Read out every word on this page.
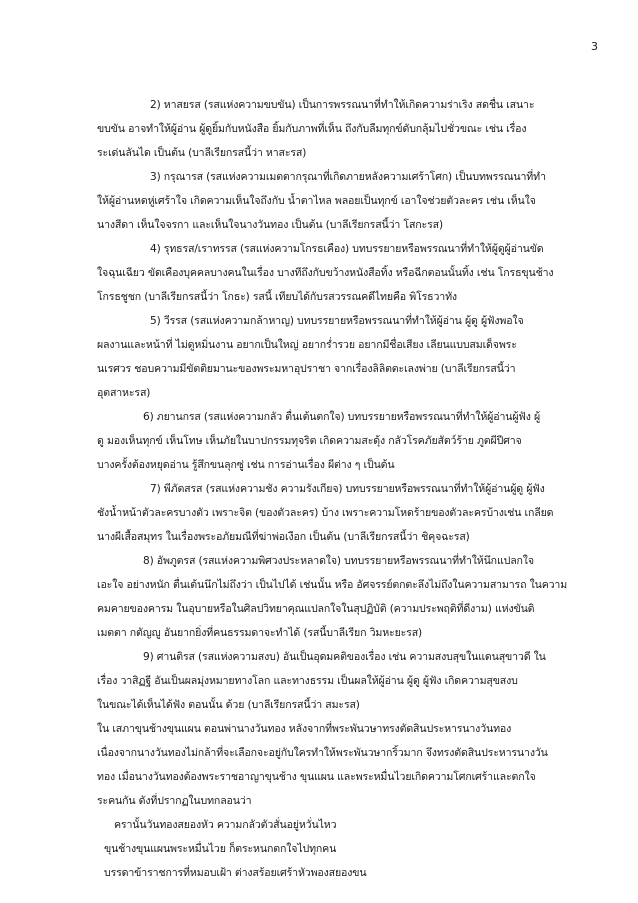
3
2) หาสยรส (รสแห่งความขบขัน) เป็นการพรรณนาที่ทำให้เกิดความร่าเริง สดชื่น เสนาะ
ขบขัน อาจทำให้ผู้อ่าน ผู้ดูยิ้มกับหนังสือ ยิ้มกับภาพที่เห็น ถึงกับลืมทุกข์ดับกลุ้มไปชั่วขณะ เช่น เรื่อง
ระเด่นลันได เป็นต้น (บาลีเรียกรสนี้ว่า หาสะรส)
3) กรุณารส (รสแห่งความเมตตากรุณาที่เกิดภายหลังความเศร้าโศก) เป็นบทพรรณนาที่ทำ
ให้ผู้อ่านหดหู่เศร้าใจ เกิดความเห็นใจถึงกับ น้ำตาไหล พลอยเป็นทุกข์ เอาใจช่วยตัวละคร เช่น เห็นใจ
นางสีดา เห็นใจจรกา และเห็นใจนางวันทอง เป็นต้น (บาลีเรียกรสนี้ว่า โสกะรส)
4) รุทธรส/เราทรรส (รสแห่งความโกรธเคือง) บทบรรยายหรือพรรณนาที่ทำให้ผู้ดูผู้อ่านขัด
ใจฉุนเฉียว ขัดเคืองบุคคลบางคนในเรื่อง บางทีถึงกับขว้างหนังสือทิ้ง หรือฉีกตอนนั้นทิ้ง เช่น โกรธขุนช้าง
โกรธชูชก (บาลีเรียกรสนี้ว่า โกธะ) รสนี้ เทียบได้กับรสวรรณคดีไทยคือ พิโรธวาทัง
5) วีรรส (รสแห่งความกล้าหาญ) บทบรรยายหรือพรรณนาที่ทำให้ผู้อ่าน ผู้ดู ผู้ฟังพอใจ
ผลงานและหน้าที่ ไม่ดูหมิ่นงาน อยากเป็นใหญ่ อยากร่ำรวย อยากมีชื่อเสียง เลียนแบบสมเด็จพระ
นเรศวร ชอบความมีขัตติยมานะของพระมหาอุปราชา จากเรื่องลิลิตตะเลงพ่าย (บาลีเรียกรสนี้ว่า
อุตสาหะรส)
6) ภยานกรส (รสแห่งความกลัว ตื่นเต้นตกใจ) บทบรรยายหรือพรรณนาที่ทำให้ผู้อ่านผู้ฟัง ผู้
ดู มองเห็นทุกข์ เห็นโทษ เห็นภัยในบาปกรรมทุจริต เกิดความสะดุ้ง กลัวโรคภัยสัตว์ร้าย ภูตผีปีศาจ
บางครั้งต้องหยุดอ่าน รู้สึกขนลุกซู่ เช่น การอ่านเรื่อง ผีต่าง ๆ เป็นต้น
7) พีภัตสรส (รสแห่งความชัง ความรังเกียจ) บทบรรยายหรือพรรณนาที่ทำให้ผู้อ่านผู้ดู ผู้ฟัง
ชังน้ำหน้าตัวละครบางตัว เพราะจิต (ของตัวละคร) บ้าง เพราะความโหดร้ายของตัวละครบ้างเช่น เกลียด
นางผีเสื้อสมุทร ในเรื่องพระอภัยมณีที่ฆ่าพ่อเงือก เป็นต้น (บาลีเรียกรสนี้ว่า ชิคุจฉะรส)
8) อัพภูตรส (รสแห่งความพิศวงประหลาดใจ) บทบรรยายหรือพรรณนาที่ทำให้นึกแปลกใจ
เอะใจ อย่างหนัก ตื่นเต้นนึกไม่ถึงว่า เป็นไปได้ เช่นนั้น หรือ อัศจรรย์ตกตะลึงไม่ถึงในความสามารถ ในความ
คมคายของคารม ในอุบายหรือในศิลปวิทยาคุณแปลกใจในสุปฏิบัติ (ความประพฤติที่ดีงาม) แห่งขันติ
เมตตา กตัญญู อันยากยิ่งที่คนธรรมดาจะทำได้ (รสนี้บาลีเรียก วิมหะยะรส)
9) ศานติรส (รสแห่งความสงบ) อันเป็นอุดมคติของเรื่อง เช่น ความสงบสุขในแดนสุขาวดี ใน
เรื่อง วาสิฏฐี อันเป็นผลมุ่งหมายทางโลก และทางธรรม เป็นผลให้ผู้อ่าน ผู้ดู ผู้ฟัง เกิดความสุขสงบ
ในขณะได้เห็นได้ฟัง ตอนนั้น ด้วย (บาลีเรียกรสนี้ว่า สมะรส)
ใน เสภาขุนช้างขุนแผน ตอนพ่านางวันทอง หลังจากที่พระพันวษาทรงตัดสินประหารนางวันทอง
เนื่องจากนางวันทองไม่กล้าที่จะเลือกจะอยู่กับใครทำให้พระพันวษากริ้วมาก จึงทรงตัดสินประหารนางวัน
ทอง เมื่อนางวันทองต้องพระราชอาญาขุนช้าง ขุนแผน และพระหมื่นไวยเกิดความโศกเศร้าและตกใจ
ระคนกัน ดังที่ปรากฏในบทกลอนว่า
ครานั้นวันทองสยองหัว ความกลัวตัวสั่นอยู่หวั่นไหว
ขุนช้างขุนแผนพระหมื่นไวย ก็ตระหนกตกใจไปทุกคน
บรรดาข้าราชการที่หมอบเฝ้า ต่างสร้อยเศร้าหัวพองสยองขน
